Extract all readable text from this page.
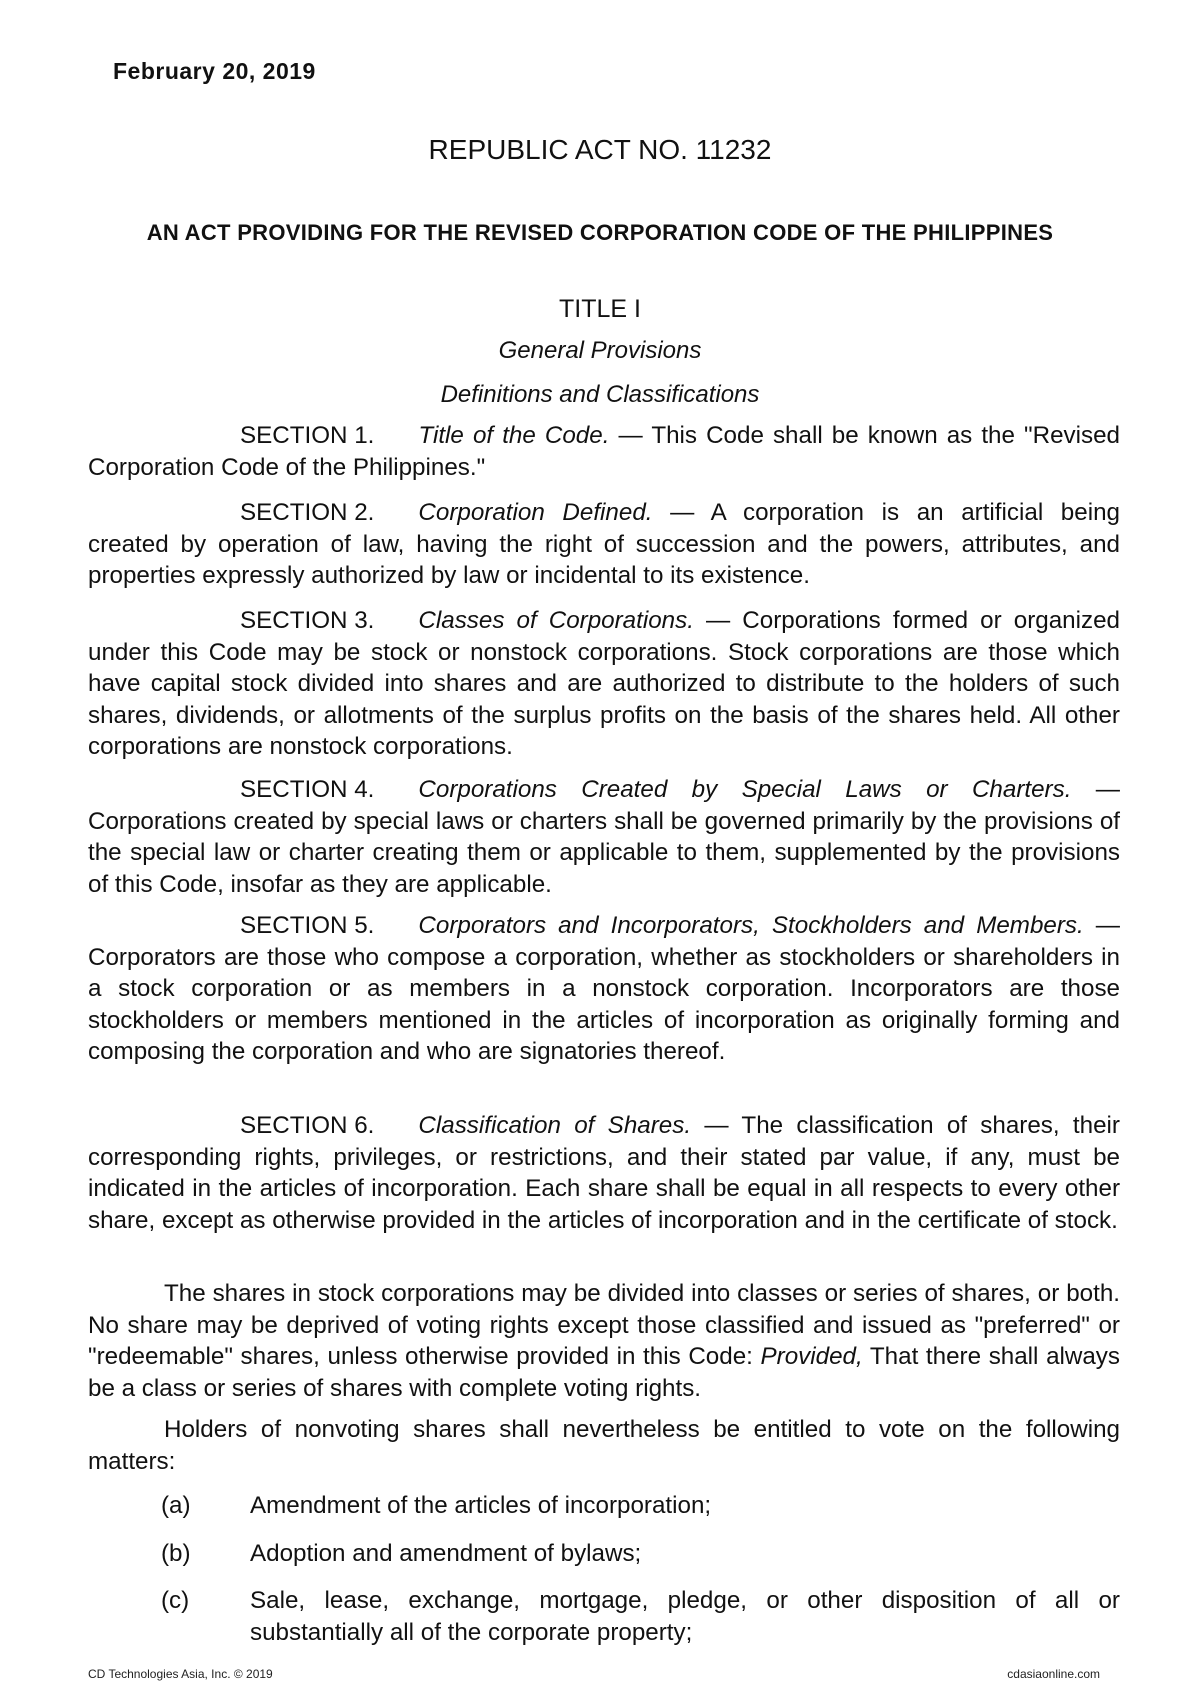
February 20, 2019
REPUBLIC ACT NO. 11232
AN ACT PROVIDING FOR THE REVISED CORPORATION CODE OF THE PHILIPPINES
TITLE I
General Provisions
Definitions and Classifications

SECTION 1. Title of the Code. — This Code shall be known as the "Revised Corporation Code of the Philippines."

SECTION 2. Corporation Defined. — A corporation is an artificial being created by operation of law, having the right of succession and the powers, attributes, and properties expressly authorized by law or incidental to its existence.

SECTION 3. Classes of Corporations. — Corporations formed or organized under this Code may be stock or nonstock corporations. Stock corporations are those which have capital stock divided into shares and are authorized to distribute to the holders of such shares, dividends, or allotments of the surplus profits on the basis of the shares held. All other corporations are nonstock corporations.

SECTION 4. Corporations Created by Special Laws or Charters. — Corporations created by special laws or charters shall be governed primarily by the provisions of the special law or charter creating them or applicable to them, supplemented by the provisions of this Code, insofar as they are applicable.

SECTION 5. Corporators and Incorporators, Stockholders and Members. — Corporators are those who compose a corporation, whether as stockholders or shareholders in a stock corporation or as members in a nonstock corporation. Incorporators are those stockholders or members mentioned in the articles of incorporation as originally forming and composing the corporation and who are signatories thereof.

SECTION 6. Classification of Shares. — The classification of shares, their corresponding rights, privileges, or restrictions, and their stated par value, if any, must be indicated in the articles of incorporation. Each share shall be equal in all respects to every other share, except as otherwise provided in the articles of incorporation and in the certificate of stock.

The shares in stock corporations may be divided into classes or series of shares, or both. No share may be deprived of voting rights except those classified and issued as "preferred" or "redeemable" shares, unless otherwise provided in this Code: Provided, That there shall always be a class or series of shares with complete voting rights.

Holders of nonvoting shares shall nevertheless be entitled to vote on the following matters:

(a) Amendment of the articles of incorporation;
(b) Adoption and amendment of bylaws;
(c)	Sale, lease, exchange, mortgage, pledge, or other disposition of all or substantially all of the corporate property;
CD Technologies Asia, Inc. © 2019	cdasiaonline.com
